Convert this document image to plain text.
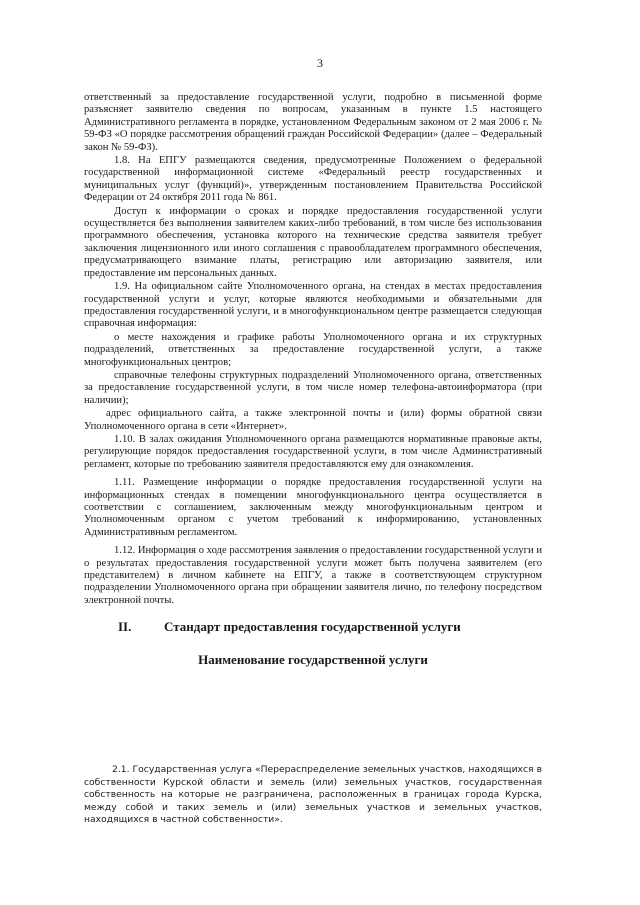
3

ответственный за предоставление государственной услуги, подробно в письменной форме разъясняет заявителю сведения по вопросам, указанным в пункте 1.5 настоящего Административного регламента в порядке, установленном Федеральным законом от 2 мая 2006 г. № 59-ФЗ «О порядке рассмотрения обращений граждан Российской Федерации» (далее – Федеральный закон № 59-ФЗ).

1.8. На ЕПГУ размещаются сведения, предусмотренные Положением о федеральной государственной информационной системе «Федеральный реестр государственных и муниципальных услуг (функций)», утвержденным постановлением Правительства Российской Федерации от 24 октября 2011 года № 861.

Доступ к информации о сроках и порядке предоставления государственной услуги осуществляется без выполнения заявителем каких-либо требований, в том числе без использования программного обеспечения, установка которого на технические средства заявителя требует заключения лицензионного или иного соглашения с правообладателем программного обеспечения, предусматривающего взимание платы, регистрацию или авторизацию заявителя, или предоставление им персональных данных.

1.9. На официальном сайте Уполномоченного органа, на стендах в местах предоставления государственной услуги и услуг, которые являются необходимыми и обязательными для предоставления государственной услуги, и в многофункциональном центре размещается следующая справочная информация:

о месте нахождения и графике работы Уполномоченного органа и их структурных подразделений, ответственных за предоставление государственной услуги, а также многофункциональных центров;

справочные телефоны структурных подразделений Уполномоченного органа, ответственных за предоставление государственной услуги, в том числе номер телефона-автоинформатора (при наличии);

адрес официального сайта, а также электронной почты и (или) формы обратной связи Уполномоченного органа в сети «Интернет».

1.10. В залах ожидания Уполномоченного органа размещаются нормативные правовые акты, регулирующие порядок предоставления государственной услуги, в том числе Административный регламент, которые по требованию заявителя предоставляются ему для ознакомления.

1.11. Размещение информации о порядке предоставления государственной услуги на информационных стендах в помещении многофункционального центра осуществляется в соответствии с соглашением, заключенным между многофункциональным центром и Уполномоченным органом с учетом требований к информированию, установленных Административным регламентом.

1.12. Информация о ходе рассмотрения заявления о предоставлении государственной услуги и о результатах предоставления государственной услуги может быть получена заявителем (его представителем) в личном кабинете на ЕПГУ, а также в соответствующем структурном подразделении Уполномоченного органа при обращении заявителя лично, по телефону посредством электронной почты.

II.	Стандарт предоставления государственной услуги
Наименование государственной услуги

2.1. Государственная услуга «Перераспределение земельных участков, находящихся в собственности Курской области и земель (или) земельных участков, государственная собственность на которые не разграничена, расположенных в границах города Курска, между собой и таких земель и (или) земельных участков и земельных участков, находящихся в частной собственности».
